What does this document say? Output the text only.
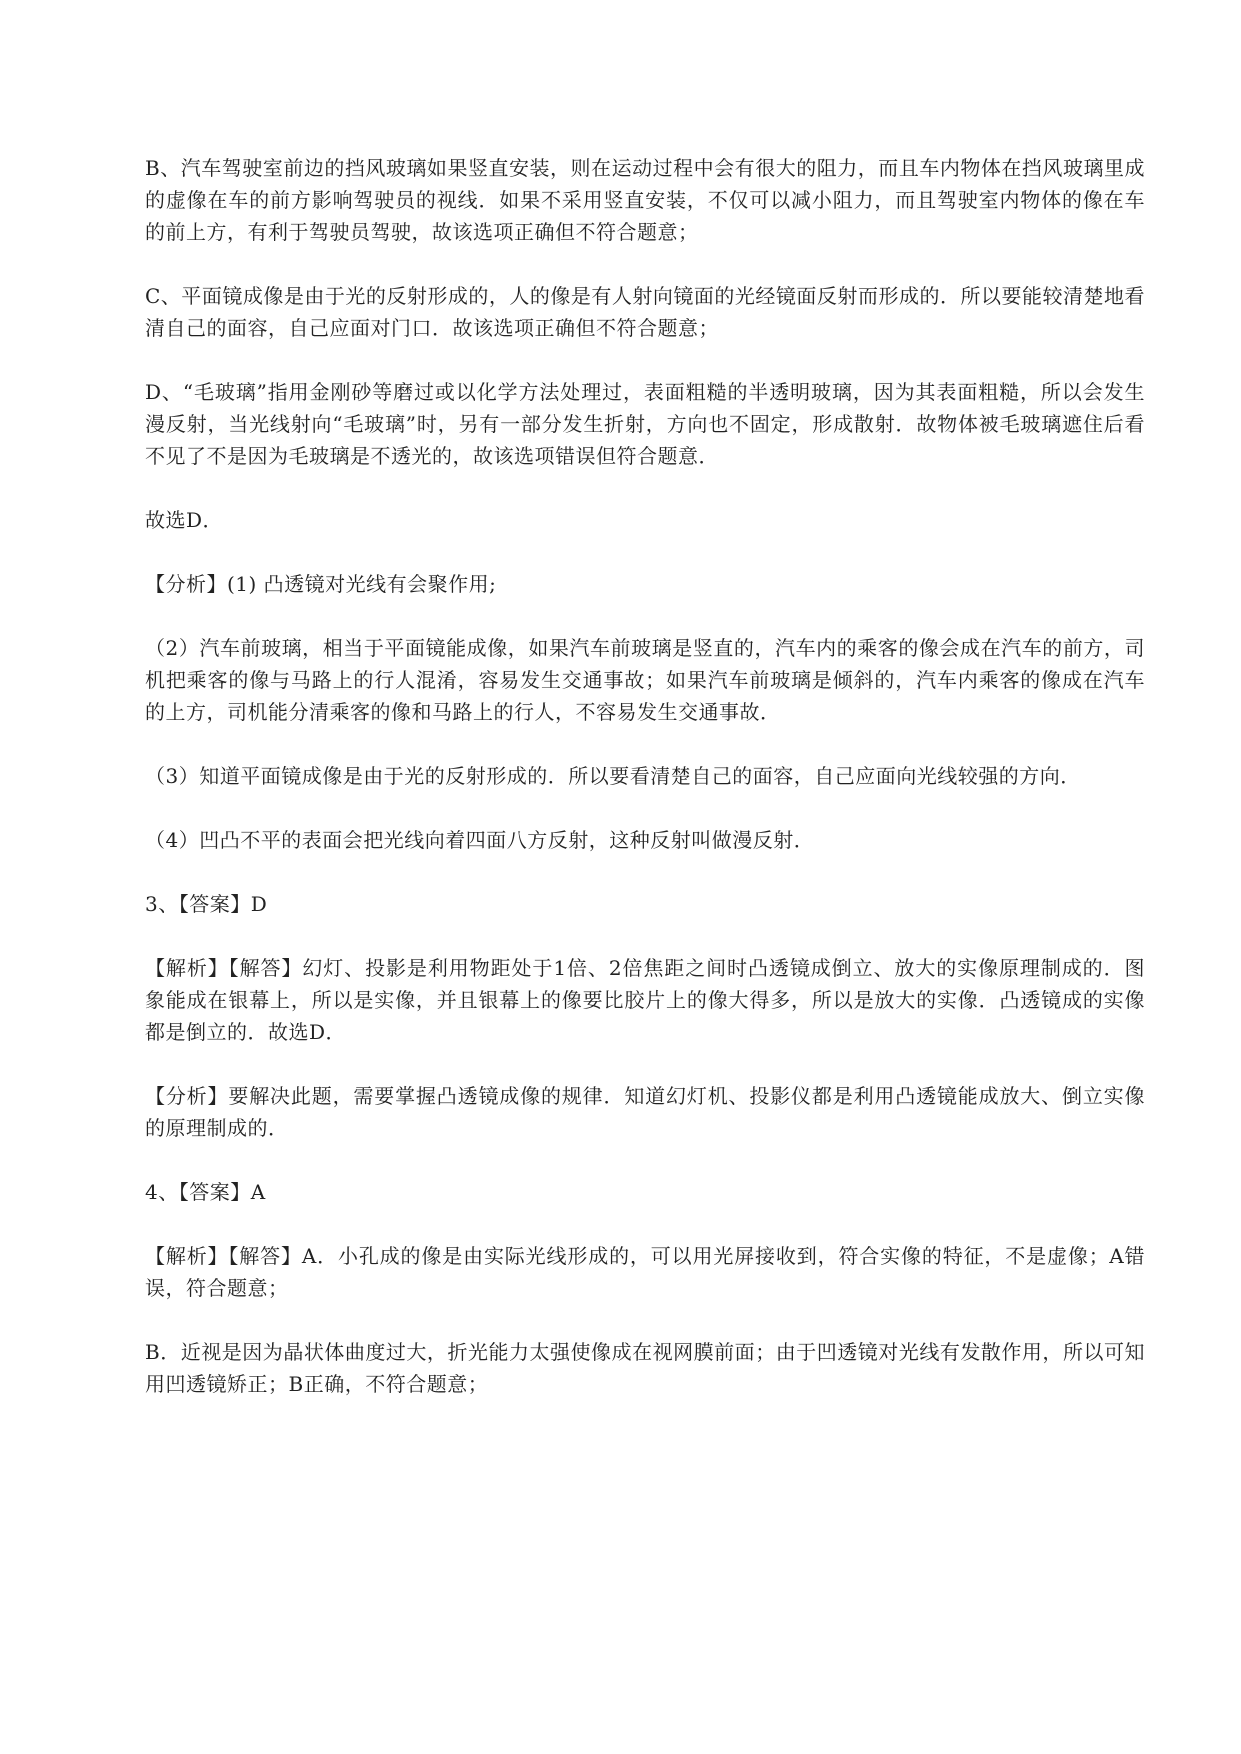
B、汽车驾驶室前边的挡风玻璃如果竖直安装，则在运动过程中会有很大的阻力，而且车内物体在挡风玻璃里成的虚像在车的前方影响驾驶员的视线．如果不采用竖直安装，不仅可以减小阻力，而且驾驶室内物体的像在车的前上方，有利于驾驶员驾驶，故该选项正确但不符合题意；

C、平面镜成像是由于光的反射形成的，人的像是有人射向镜面的光经镜面反射而形成的．所以要能较清楚地看清自己的面容，自己应面对门口．故该选项正确但不符合题意；

D、“毛玻璃”指用金刚砂等磨过或以化学方法处理过，表面粗糙的半透明玻璃，因为其表面粗糙，所以会发生漫反射，当光线射向“毛玻璃”时，另有一部分发生折射，方向也不固定，形成散射．故物体被毛玻璃遮住后看不见了不是因为毛玻璃是不透光的，故该选项错误但符合题意．

故选D．

【分析】(1) 凸透镜对光线有会聚作用;

（2）汽车前玻璃，相当于平面镜能成像，如果汽车前玻璃是竖直的，汽车内的乘客的像会成在汽车的前方，司机把乘客的像与马路上的行人混淆，容易发生交通事故；如果汽车前玻璃是倾斜的，汽车内乘客的像成在汽车的上方，司机能分清乘客的像和马路上的行人，不容易发生交通事故．

（3）知道平面镜成像是由于光的反射形成的．所以要看清楚自己的面容，自己应面向光线较强的方向．

（4）凹凸不平的表面会把光线向着四面八方反射，这种反射叫做漫反射．

3、【答案】D

【解析】【解答】幻灯、投影是利用物距处于1倍、2倍焦距之间时凸透镜成倒立、放大的实像原理制成的．图象能成在银幕上，所以是实像，并且银幕上的像要比胶片上的像大得多，所以是放大的实像．凸透镜成的实像都是倒立的．故选D．

【分析】要解决此题，需要掌握凸透镜成像的规律．知道幻灯机、投影仪都是利用凸透镜能成放大、倒立实像的原理制成的．

4、【答案】A

【解析】【解答】A．小孔成的像是由实际光线形成的，可以用光屏接收到，符合实像的特征，不是虚像；A错误，符合题意；

B．近视是因为晶状体曲度过大，折光能力太强使像成在视网膜前面；由于凹透镜对光线有发散作用，所以可知用凹透镜矫正；B正确，不符合题意；
